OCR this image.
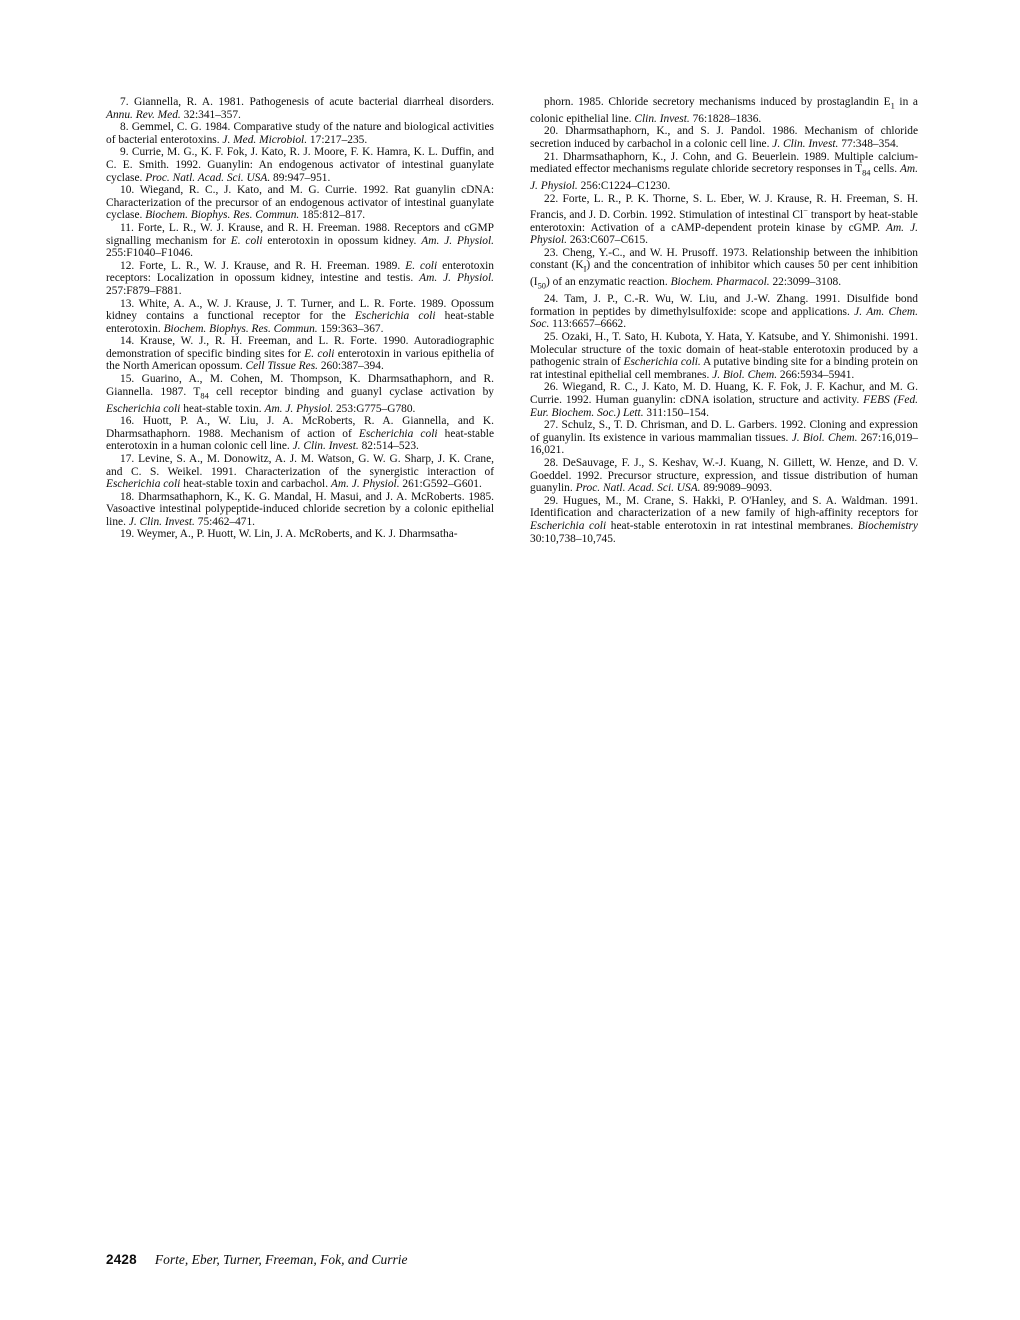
7. Giannella, R. A. 1981. Pathogenesis of acute bacterial diarrheal disorders. Annu. Rev. Med. 32:341–357.

8. Gemmel, C. G. 1984. Comparative study of the nature and biological activities of bacterial enterotoxins. J. Med. Microbiol. 17:217–235.

9. Currie, M. G., K. F. Fok, J. Kato, R. J. Moore, F. K. Hamra, K. L. Duffin, and C. E. Smith. 1992. Guanylin: An endogenous activator of intestinal guanylate cyclase. Proc. Natl. Acad. Sci. USA. 89:947–951.

10. Wiegand, R. C., J. Kato, and M. G. Currie. 1992. Rat guanylin cDNA: Characterization of the precursor of an endogenous activator of intestinal guanylate cyclase. Biochem. Biophys. Res. Commun. 185:812–817.

11. Forte, L. R., W. J. Krause, and R. H. Freeman. 1988. Receptors and cGMP signalling mechanism for E. coli enterotoxin in opossum kidney. Am. J. Physiol. 255:F1040–F1046.

12. Forte, L. R., W. J. Krause, and R. H. Freeman. 1989. E. coli enterotoxin receptors: Localization in opossum kidney, intestine and testis. Am. J. Physiol. 257:F879–F881.

13. White, A. A., W. J. Krause, J. T. Turner, and L. R. Forte. 1989. Opossum kidney contains a functional receptor for the Escherichia coli heat-stable enterotoxin. Biochem. Biophys. Res. Commun. 159:363–367.

14. Krause, W. J., R. H. Freeman, and L. R. Forte. 1990. Autoradiographic demonstration of specific binding sites for E. coli enterotoxin in various epithelia of the North American opossum. Cell Tissue Res. 260:387–394.

15. Guarino, A., M. Cohen, M. Thompson, K. Dharmsathaphorn, and R. Giannella. 1987. $T_{84}$ cell receptor binding and guanyl cyclase activation by Escherichia coli heat-stable toxin. Am. J. Physiol. 253:G775–G780.

16. Huott, P. A., W. Liu, J. A. McRoberts, R. A. Giannella, and K. Dharmsathaphorn. 1988. Mechanism of action of Escherichia coli heat-stable enterotoxin in a human colonic cell line. J. Clin. Invest. 82:514–523.

17. Levine, S. A., M. Donowitz, A. J. M. Watson, G. W. G. Sharp, J. K. Crane, and C. S. Weikel. 1991. Characterization of the synergistic interaction of Escherichia coli heat-stable toxin and carbachol. Am. J. Physiol. 261:G592–G601.

18. Dharmsathaphorn, K., K. G. Mandal, H. Masui, and J. A. McRoberts. 1985. Vasoactive intestinal polypeptide-induced chloride secretion by a colonic epithelial line. J. Clin. Invest. 75:462–471.

19. Weymer, A., P. Huott, W. Lin, J. A. McRoberts, and K. J. Dharmsatha-

phorn. 1985. Chloride secretory mechanisms induced by prostaglandin $E_1$ in a colonic epithelial line. Clin. Invest. 76:1828–1836.

20. Dharmsathaphorn, K., and S. J. Pandol. 1986. Mechanism of chloride secretion induced by carbachol in a colonic cell line. J. Clin. Invest. 77:348–354.

21. Dharmsathaphorn, K., J. Cohn, and G. Beuerlein. 1989. Multiple calcium-mediated effector mechanisms regulate chloride secretory responses in $T_{84}$ cells. Am. J. Physiol. 256:C1224–C1230.

22. Forte, L. R., P. K. Thorne, S. L. Eber, W. J. Krause, R. H. Freeman, S. H. Francis, and J. D. Corbin. 1992. Stimulation of intestinal Cl− transport by heat-stable enterotoxin: Activation of a cAMP-dependent protein kinase by cGMP. Am. J. Physiol. 263:C607–C615.

23. Cheng, Y.-C., and W. H. Prusoff. 1973. Relationship between the inhibition constant $(K_I)$ and the concentration of inhibitor which causes 50 per cent inhibition $(I_{50})$ of an enzymatic reaction. Biochem. Pharmacol. 22:3099–3108.

24. Tam, J. P., C.-R. Wu, W. Liu, and J.-W. Zhang. 1991. Disulfide bond formation in peptides by dimethylsulfoxide: scope and applications. J. Am. Chem. Soc. 113:6657–6662.

25. Ozaki, H., T. Sato, H. Kubota, Y. Hata, Y. Katsube, and Y. Shimonishi. 1991. Molecular structure of the toxic domain of heat-stable enterotoxin produced by a pathogenic strain of Escherichia coli. A putative binding site for a binding protein on rat intestinal epithelial cell membranes. J. Biol. Chem. 266:5934–5941.

26. Wiegand, R. C., J. Kato, M. D. Huang, K. F. Fok, J. F. Kachur, and M. G. Currie. 1992. Human guanylin: cDNA isolation, structure and activity. FEBS (Fed. Eur. Biochem. Soc.) Lett. 311:150–154.

27. Schulz, S., T. D. Chrisman, and D. L. Garbers. 1992. Cloning and expression of guanylin. Its existence in various mammalian tissues. J. Biol. Chem. 267:16,019–16,021.

28. DeSauvage, F. J., S. Keshav, W.-J. Kuang, N. Gillett, W. Henze, and D. V. Goeddel. 1992. Precursor structure, expression, and tissue distribution of human guanylin. Proc. Natl. Acad. Sci. USA. 89:9089–9093.

29. Hugues, M., M. Crane, S. Hakki, P. O'Hanley, and S. A. Waldman. 1991. Identification and characterization of a new family of high-affinity receptors for Escherichia coli heat-stable enterotoxin in rat intestinal membranes. Biochemistry 30:10,738–10,745.

2428 Forte, Eber, Turner, Freeman, Fok, and Currie
